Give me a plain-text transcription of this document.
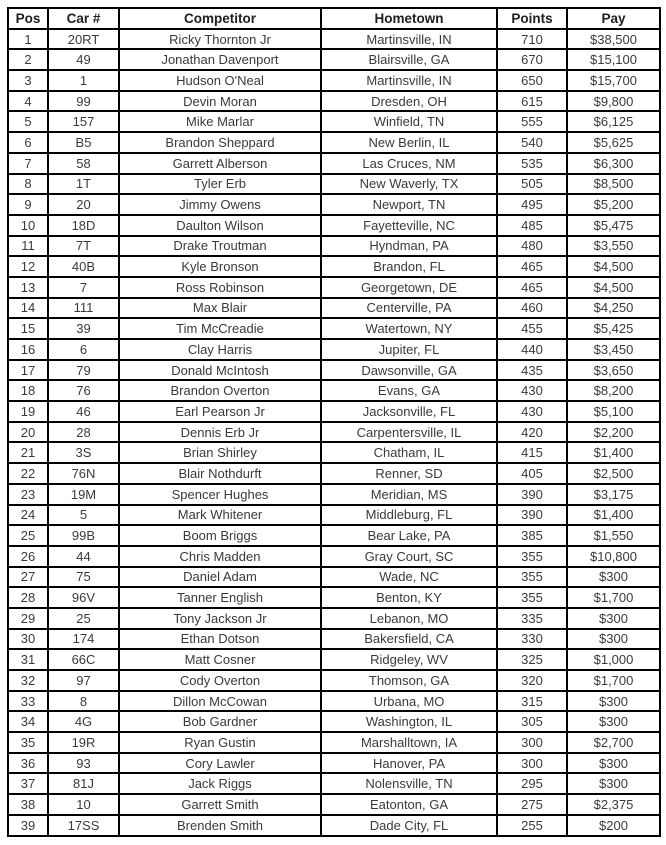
Pos	Car #	Competitor	Hometown	Points	Pay
1	20RT	Ricky Thornton Jr	Martinsville, IN	710	$38,500
2	49	Jonathan Davenport	Blairsville, GA	670	$15,100
3	1	Hudson O'Neal	Martinsville, IN	650	$15,700
4	99	Devin Moran	Dresden, OH	615	$9,800
5	157	Mike Marlar	Winfield, TN	555	$6,125
6	B5	Brandon Sheppard	New Berlin, IL	540	$5,625
7	58	Garrett Alberson	Las Cruces, NM	535	$6,300
8	1T	Tyler Erb	New Waverly, TX	505	$8,500
9	20	Jimmy Owens	Newport, TN	495	$5,200
10	18D	Daulton Wilson	Fayetteville, NC	485	$5,475
11	7T	Drake Troutman	Hyndman, PA	480	$3,550
12	40B	Kyle Bronson	Brandon, FL	465	$4,500
13	7	Ross Robinson	Georgetown, DE	465	$4,500
14	111	Max Blair	Centerville, PA	460	$4,250
15	39	Tim McCreadie	Watertown, NY	455	$5,425
16	6	Clay Harris	Jupiter, FL	440	$3,450
17	79	Donald McIntosh	Dawsonville, GA	435	$3,650
18	76	Brandon Overton	Evans, GA	430	$8,200
19	46	Earl Pearson Jr	Jacksonville, FL	430	$5,100
20	28	Dennis Erb Jr	Carpentersville, IL	420	$2,200
21	3S	Brian Shirley	Chatham, IL	415	$1,400
22	76N	Blair Nothdurft	Renner, SD	405	$2,500
23	19M	Spencer Hughes	Meridian, MS	390	$3,175
24	5	Mark Whitener	Middleburg, FL	390	$1,400
25	99B	Boom Briggs	Bear Lake, PA	385	$1,550
26	44	Chris Madden	Gray Court, SC	355	$10,800
27	75	Daniel Adam	Wade, NC	355	$300
28	96V	Tanner English	Benton, KY	355	$1,700
29	25	Tony Jackson Jr	Lebanon, MO	335	$300
30	174	Ethan Dotson	Bakersfield, CA	330	$300
31	66C	Matt Cosner	Ridgeley, WV	325	$1,000
32	97	Cody Overton	Thomson, GA	320	$1,700
33	8	Dillon McCowan	Urbana, MO	315	$300
34	4G	Bob Gardner	Washington, IL	305	$300
35	19R	Ryan Gustin	Marshalltown, IA	300	$2,700
36	93	Cory Lawler	Hanover, PA	300	$300
37	81J	Jack Riggs	Nolensville, TN	295	$300
38	10	Garrett Smith	Eatonton, GA	275	$2,375
39	17SS	Brenden Smith	Dade City, FL	255	$200
